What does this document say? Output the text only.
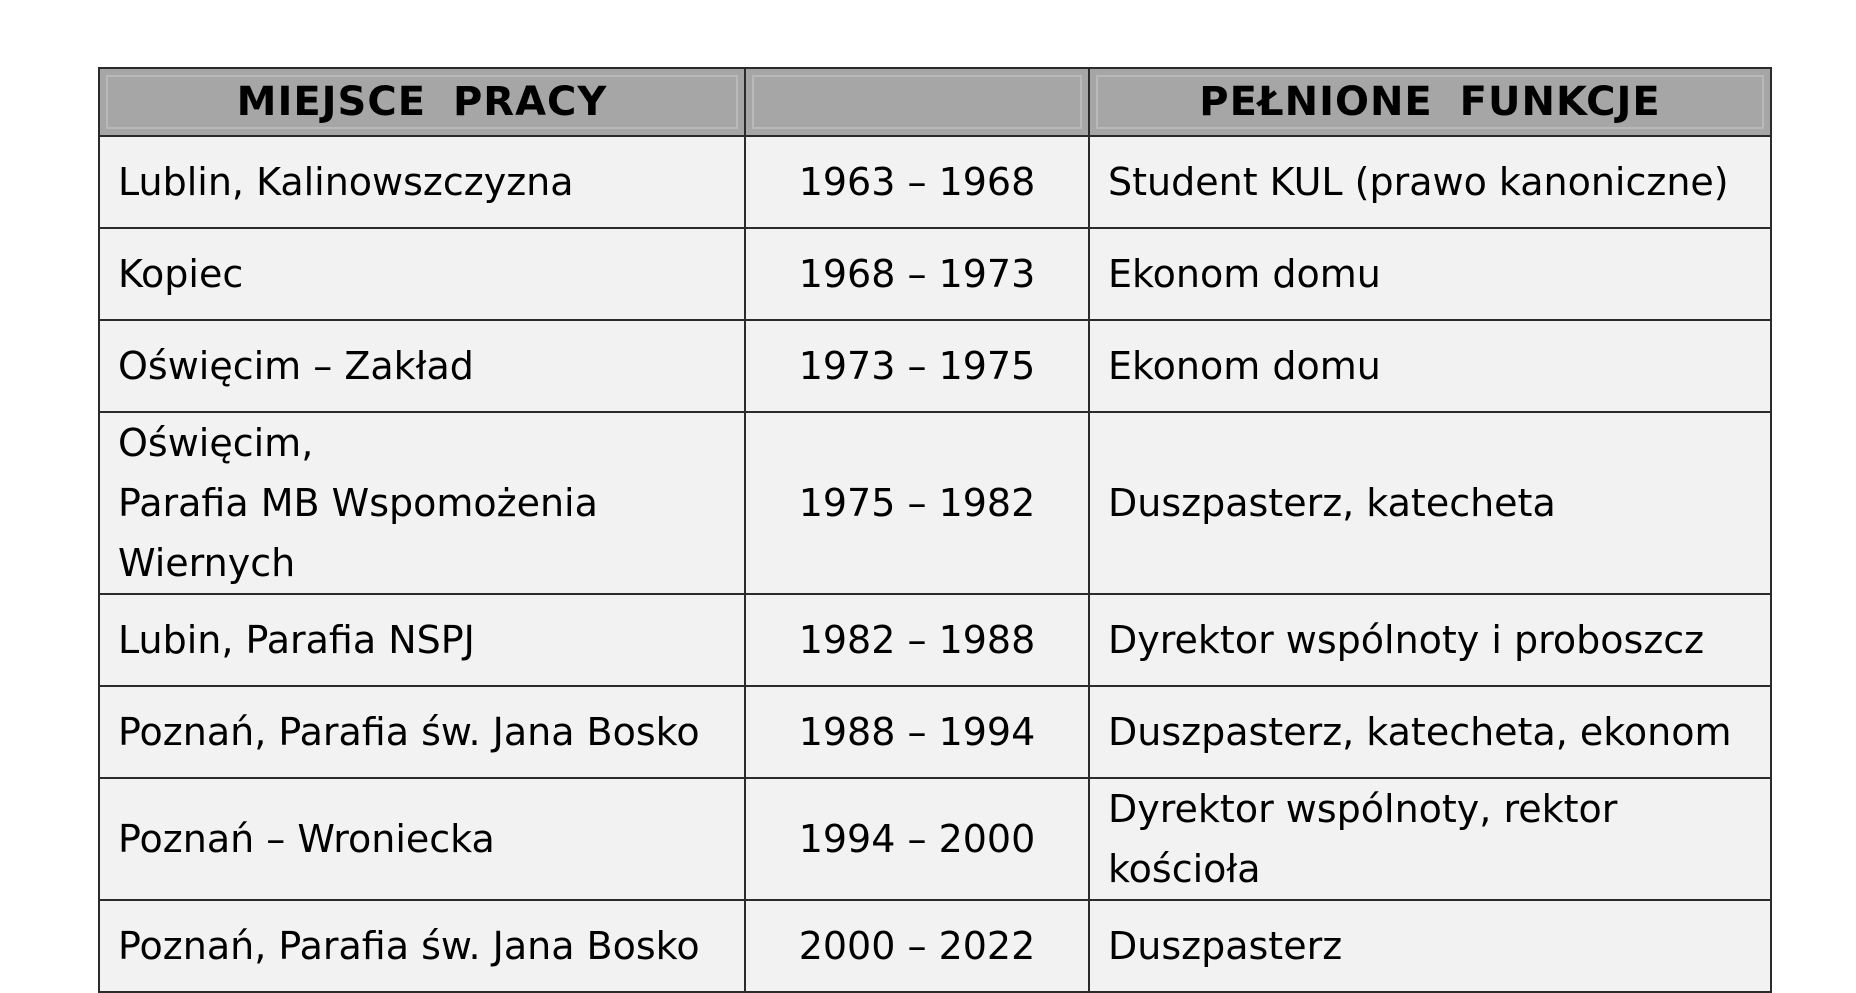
MIEJSCE PRACY		PEŁNIONE FUNKCJE

Lublin, Kalinowszczyzna	1963 – 1968	Student KUL (prawo kanoniczne)

Kopiec	1968 – 1973	Ekonom domu

Oświęcim – Zakład	1973 – 1975	Ekonom domu

Oświęcim,
Parafia MB Wspomożenia Wiernych	1975 – 1982	Duszpasterz, katecheta

Lubin, Parafia NSPJ	1982 – 1988	Dyrektor wspólnoty i proboszcz

Poznań, Parafia św. Jana Bosko	1988 – 1994	Duszpasterz, katecheta, ekonom

Poznań – Wroniecka	1994 – 2000	Dyrektor wspólnoty, rektor kościoła

Poznań, Parafia św. Jana Bosko	2000 – 2022	Duszpasterz
